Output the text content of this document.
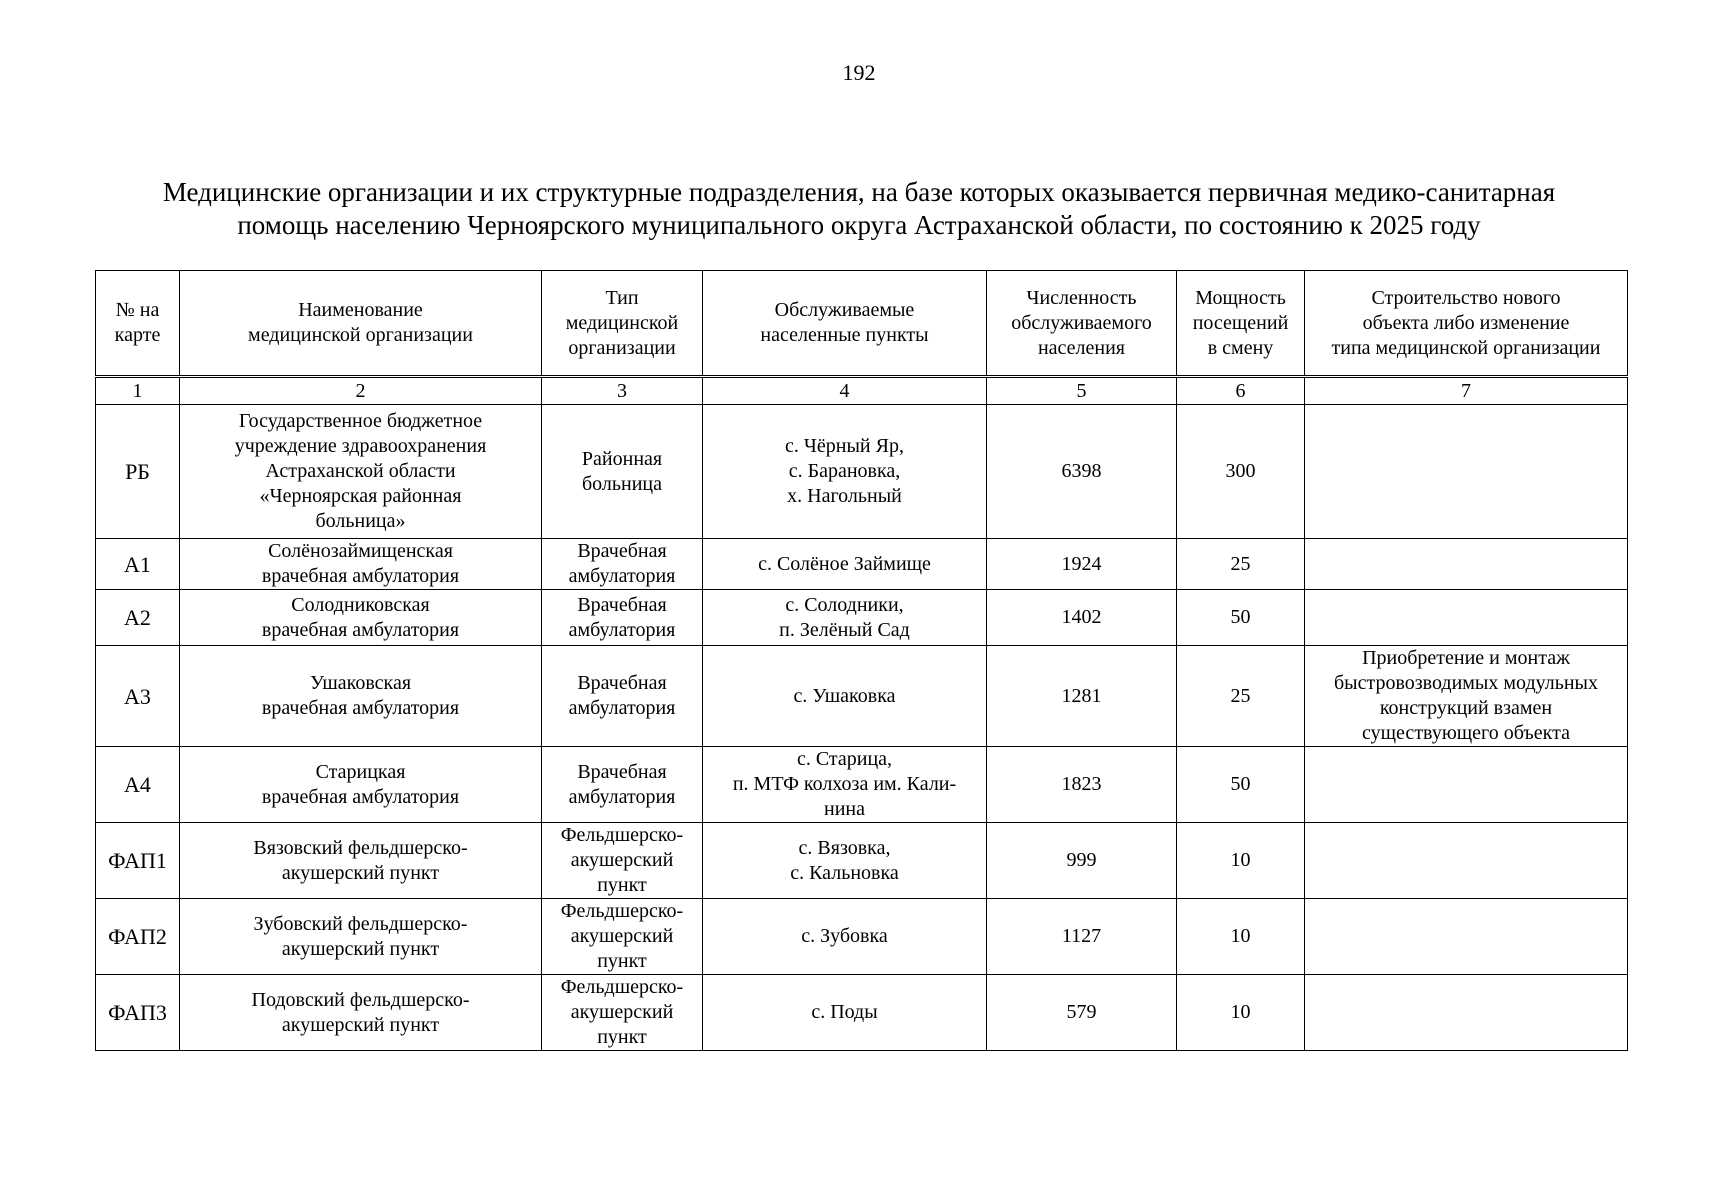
192
Медицинские организации и их структурные подразделения, на базе которых оказывается первичная медико-санитарная
помощь населению Черноярского муниципального округа Астраханской области, по состоянию к 2025 году
№ на
карте	Наименование
медицинской организации	Тип
медицинской
организации	Обслуживаемые
населенные пункты	Численность
обслуживаемого
населения	Мощность
посещений
в смену	Строительство нового
объекта либо изменение
типа медицинской организации

1	2	3	4	5	6	7
РБ	Государственное бюджетное
учреждение здравоохранения
Астраханской области
«Черноярская районная
больница»	Районная
больница	с. Чёрный Яр,
с. Барановка,
х. Нагольный	6398	300	
А1	Солёнозаймищенская
врачебная амбулатория	Врачебная
амбулатория	с. Солёное Займище	1924	25	
А2	Солодниковская
врачебная амбулатория	Врачебная
амбулатория	с. Солодники,
п. Зелёный Сад	1402	50	
А3	Ушаковская
врачебная амбулатория	Врачебная
амбулатория	с. Ушаковка	1281	25	Приобретение и монтаж
быстровозводимых модульных
конструкций взамен
существующего объекта

А4	Старицкая
врачебная амбулатория	Врачебная
амбулатория	с. Старица,
п. МТФ колхоза им. Кали-
нина	1823	50	
ФАП1	Вязовский фельдшерско-
акушерский пункт	Фельдшерско-
акушерский
пункт	с. Вязовка,
с. Кальновка	999	10	
ФАП2	Зубовский фельдшерско-
акушерский пункт	Фельдшерско-
акушерский
пункт	с. Зубовка	1127	10	
ФАП3	Подовский фельдшерско-
акушерский пункт	Фельдшерско-
акушерский
пункт	с. Поды	579	10	
